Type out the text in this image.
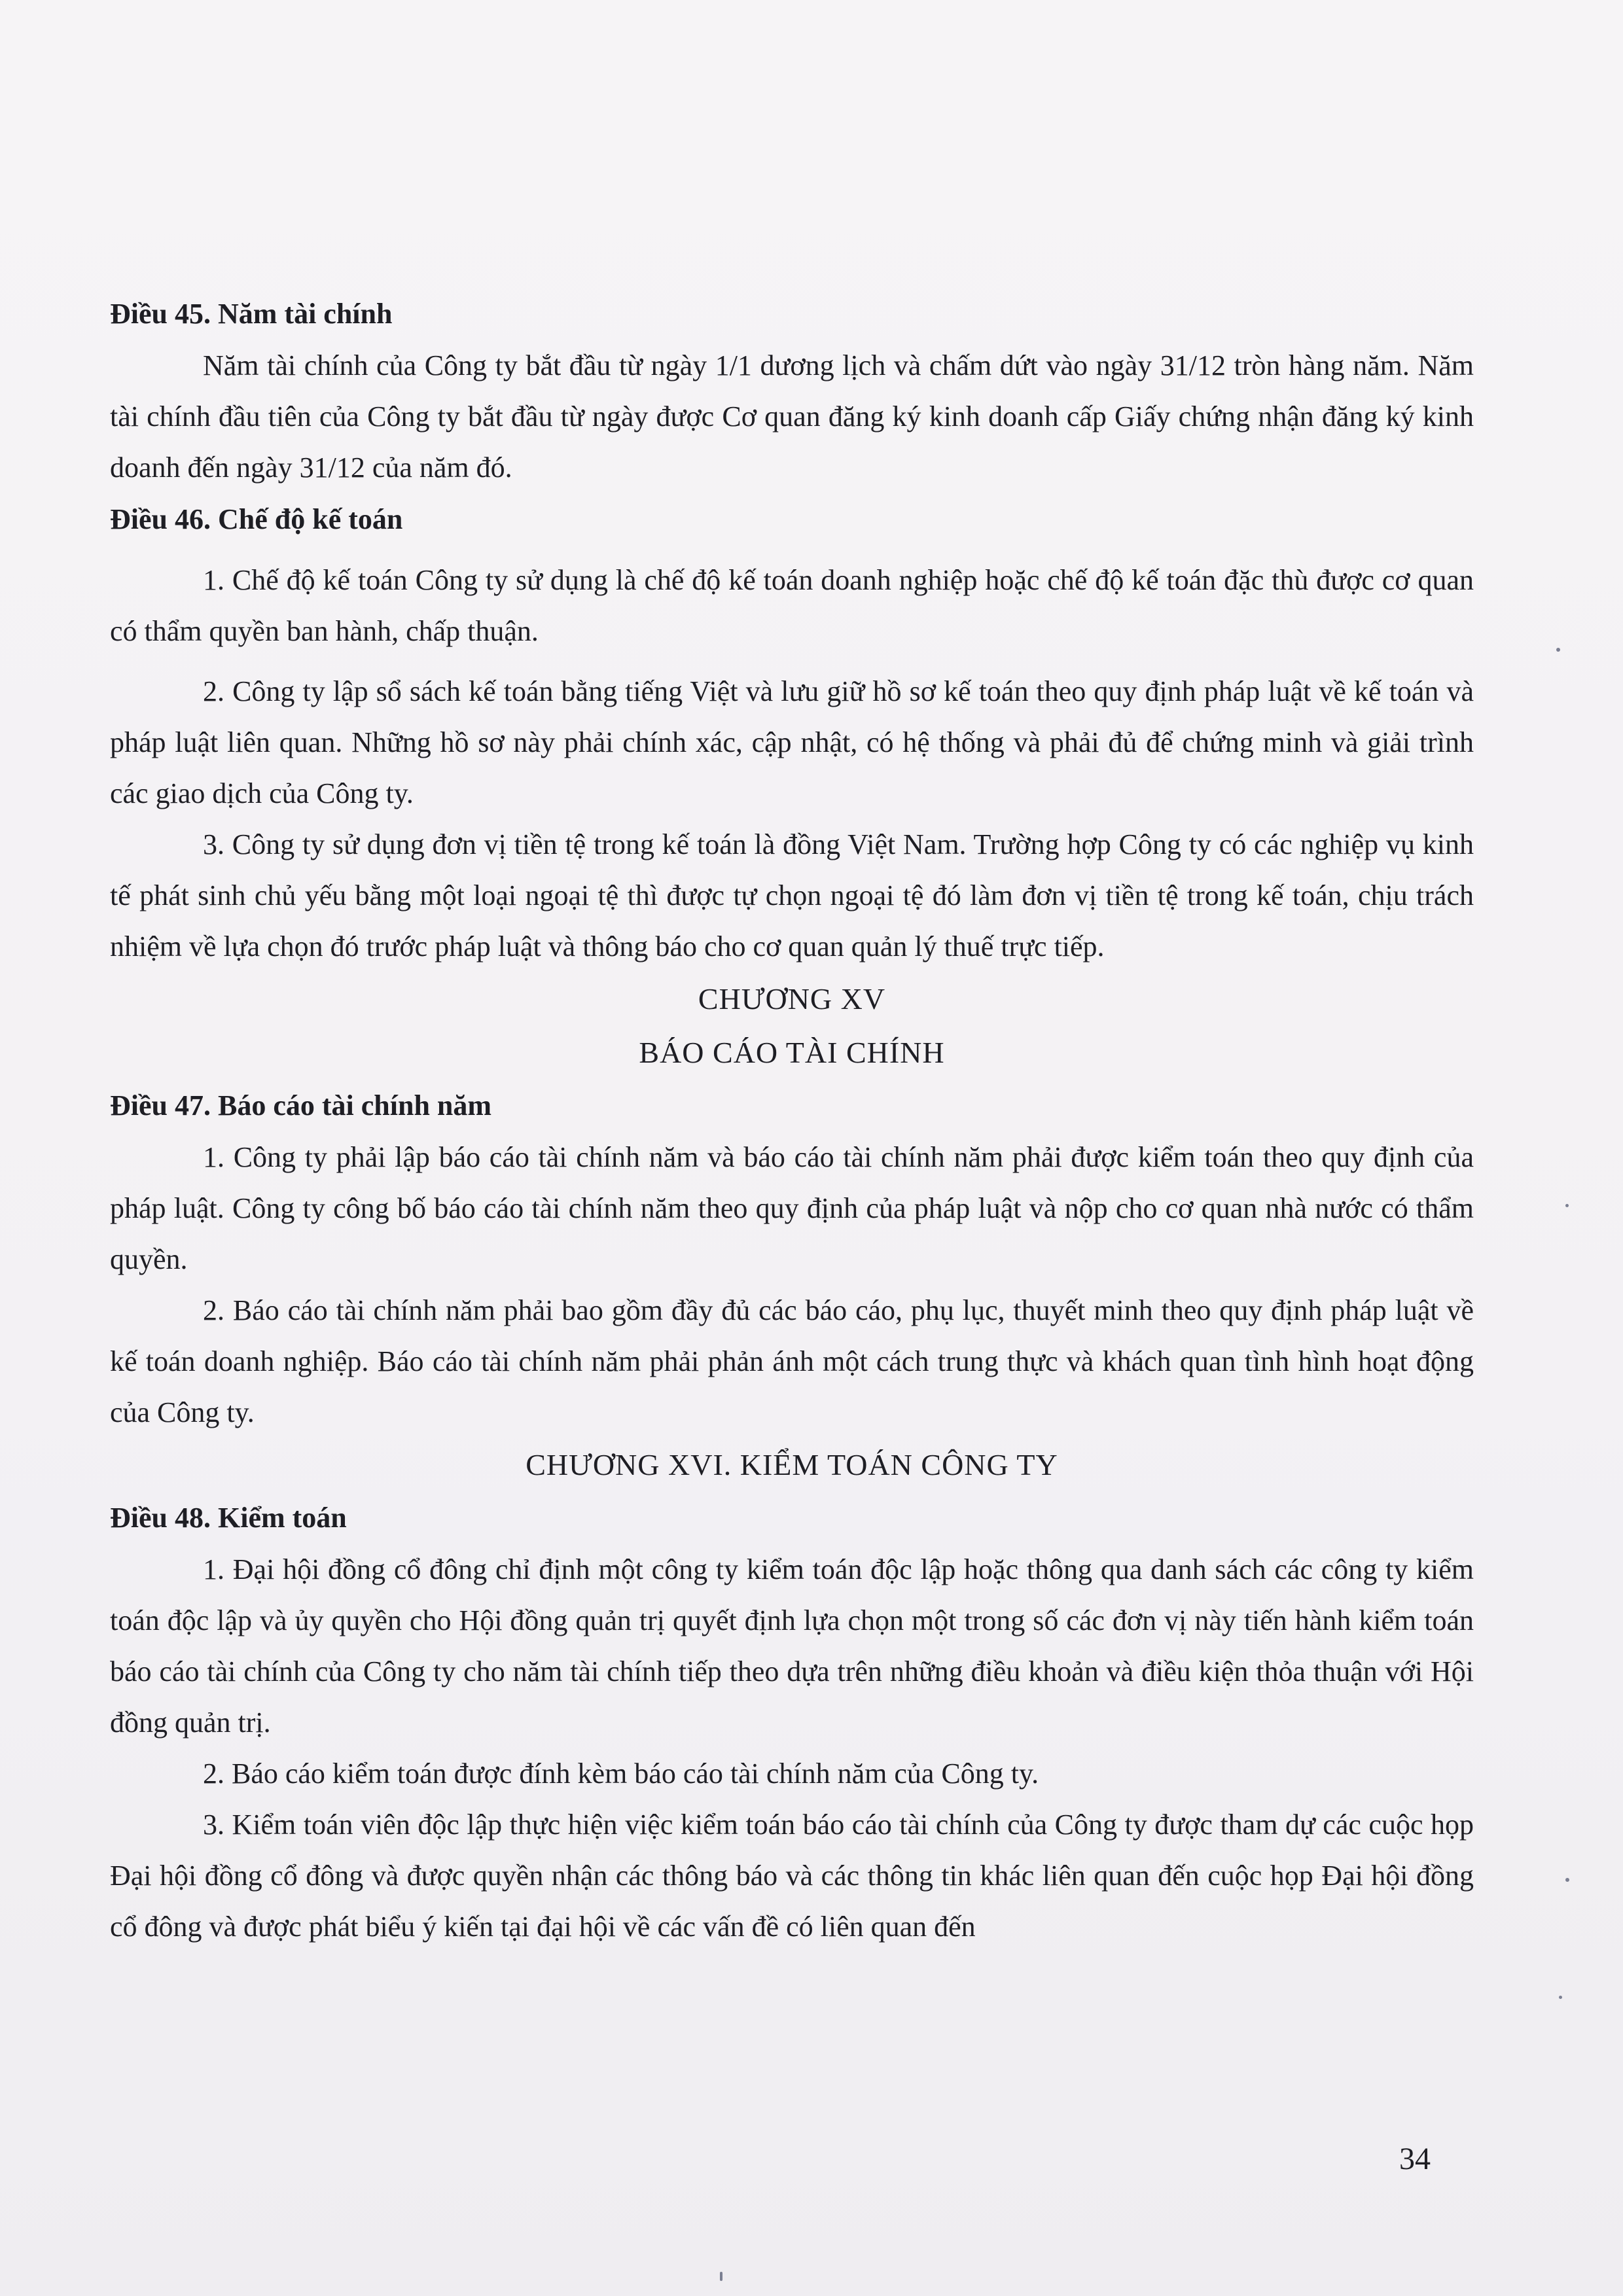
Điều 45. Năm tài chính

Năm tài chính của Công ty bắt đầu từ ngày 1/1 dương lịch và chấm dứt vào ngày 31/12 tròn hàng năm. Năm tài chính đầu tiên của Công ty bắt đầu từ ngày được Cơ quan đăng ký kinh doanh cấp Giấy chứng nhận đăng ký kinh doanh đến ngày 31/12 của năm đó.

Điều 46. Chế độ kế toán

1. Chế độ kế toán Công ty sử dụng là chế độ kế toán doanh nghiệp hoặc chế độ kế toán đặc thù được cơ quan có thẩm quyền ban hành, chấp thuận.

2. Công ty lập sổ sách kế toán bằng tiếng Việt và lưu giữ hồ sơ kế toán theo quy định pháp luật về kế toán và pháp luật liên quan. Những hồ sơ này phải chính xác, cập nhật, có hệ thống và phải đủ để chứng minh và giải trình các giao dịch của Công ty.

3. Công ty sử dụng đơn vị tiền tệ trong kế toán là đồng Việt Nam. Trường hợp Công ty có các nghiệp vụ kinh tế phát sinh chủ yếu bằng một loại ngoại tệ thì được tự chọn ngoại tệ đó làm đơn vị tiền tệ trong kế toán, chịu trách nhiệm về lựa chọn đó trước pháp luật và thông báo cho cơ quan quản lý thuế trực tiếp.

CHƯƠNG XV
BÁO CÁO TÀI CHÍNH
Điều 47. Báo cáo tài chính năm

1. Công ty phải lập báo cáo tài chính năm và báo cáo tài chính năm phải được kiểm toán theo quy định của pháp luật. Công ty công bố báo cáo tài chính năm theo quy định của pháp luật và nộp cho cơ quan nhà nước có thẩm quyền.

2. Báo cáo tài chính năm phải bao gồm đầy đủ các báo cáo, phụ lục, thuyết minh theo quy định pháp luật về kế toán doanh nghiệp. Báo cáo tài chính năm phải phản ánh một cách trung thực và khách quan tình hình hoạt động của Công ty.

CHƯƠNG XVI. KIỂM TOÁN CÔNG TY
Điều 48. Kiểm toán

1. Đại hội đồng cổ đông chỉ định một công ty kiểm toán độc lập hoặc thông qua danh sách các công ty kiểm toán độc lập và ủy quyền cho Hội đồng quản trị quyết định lựa chọn một trong số các đơn vị này tiến hành kiểm toán báo cáo tài chính của Công ty cho năm tài chính tiếp theo dựa trên những điều khoản và điều kiện thỏa thuận với Hội đồng quản trị.

2. Báo cáo kiểm toán được đính kèm báo cáo tài chính năm của Công ty.

3. Kiểm toán viên độc lập thực hiện việc kiểm toán báo cáo tài chính của Công ty được tham dự các cuộc họp Đại hội đồng cổ đông và được quyền nhận các thông báo và các thông tin khác liên quan đến cuộc họp Đại hội đồng cổ đông và được phát biểu ý kiến tại đại hội về các vấn đề có liên quan đến

34
